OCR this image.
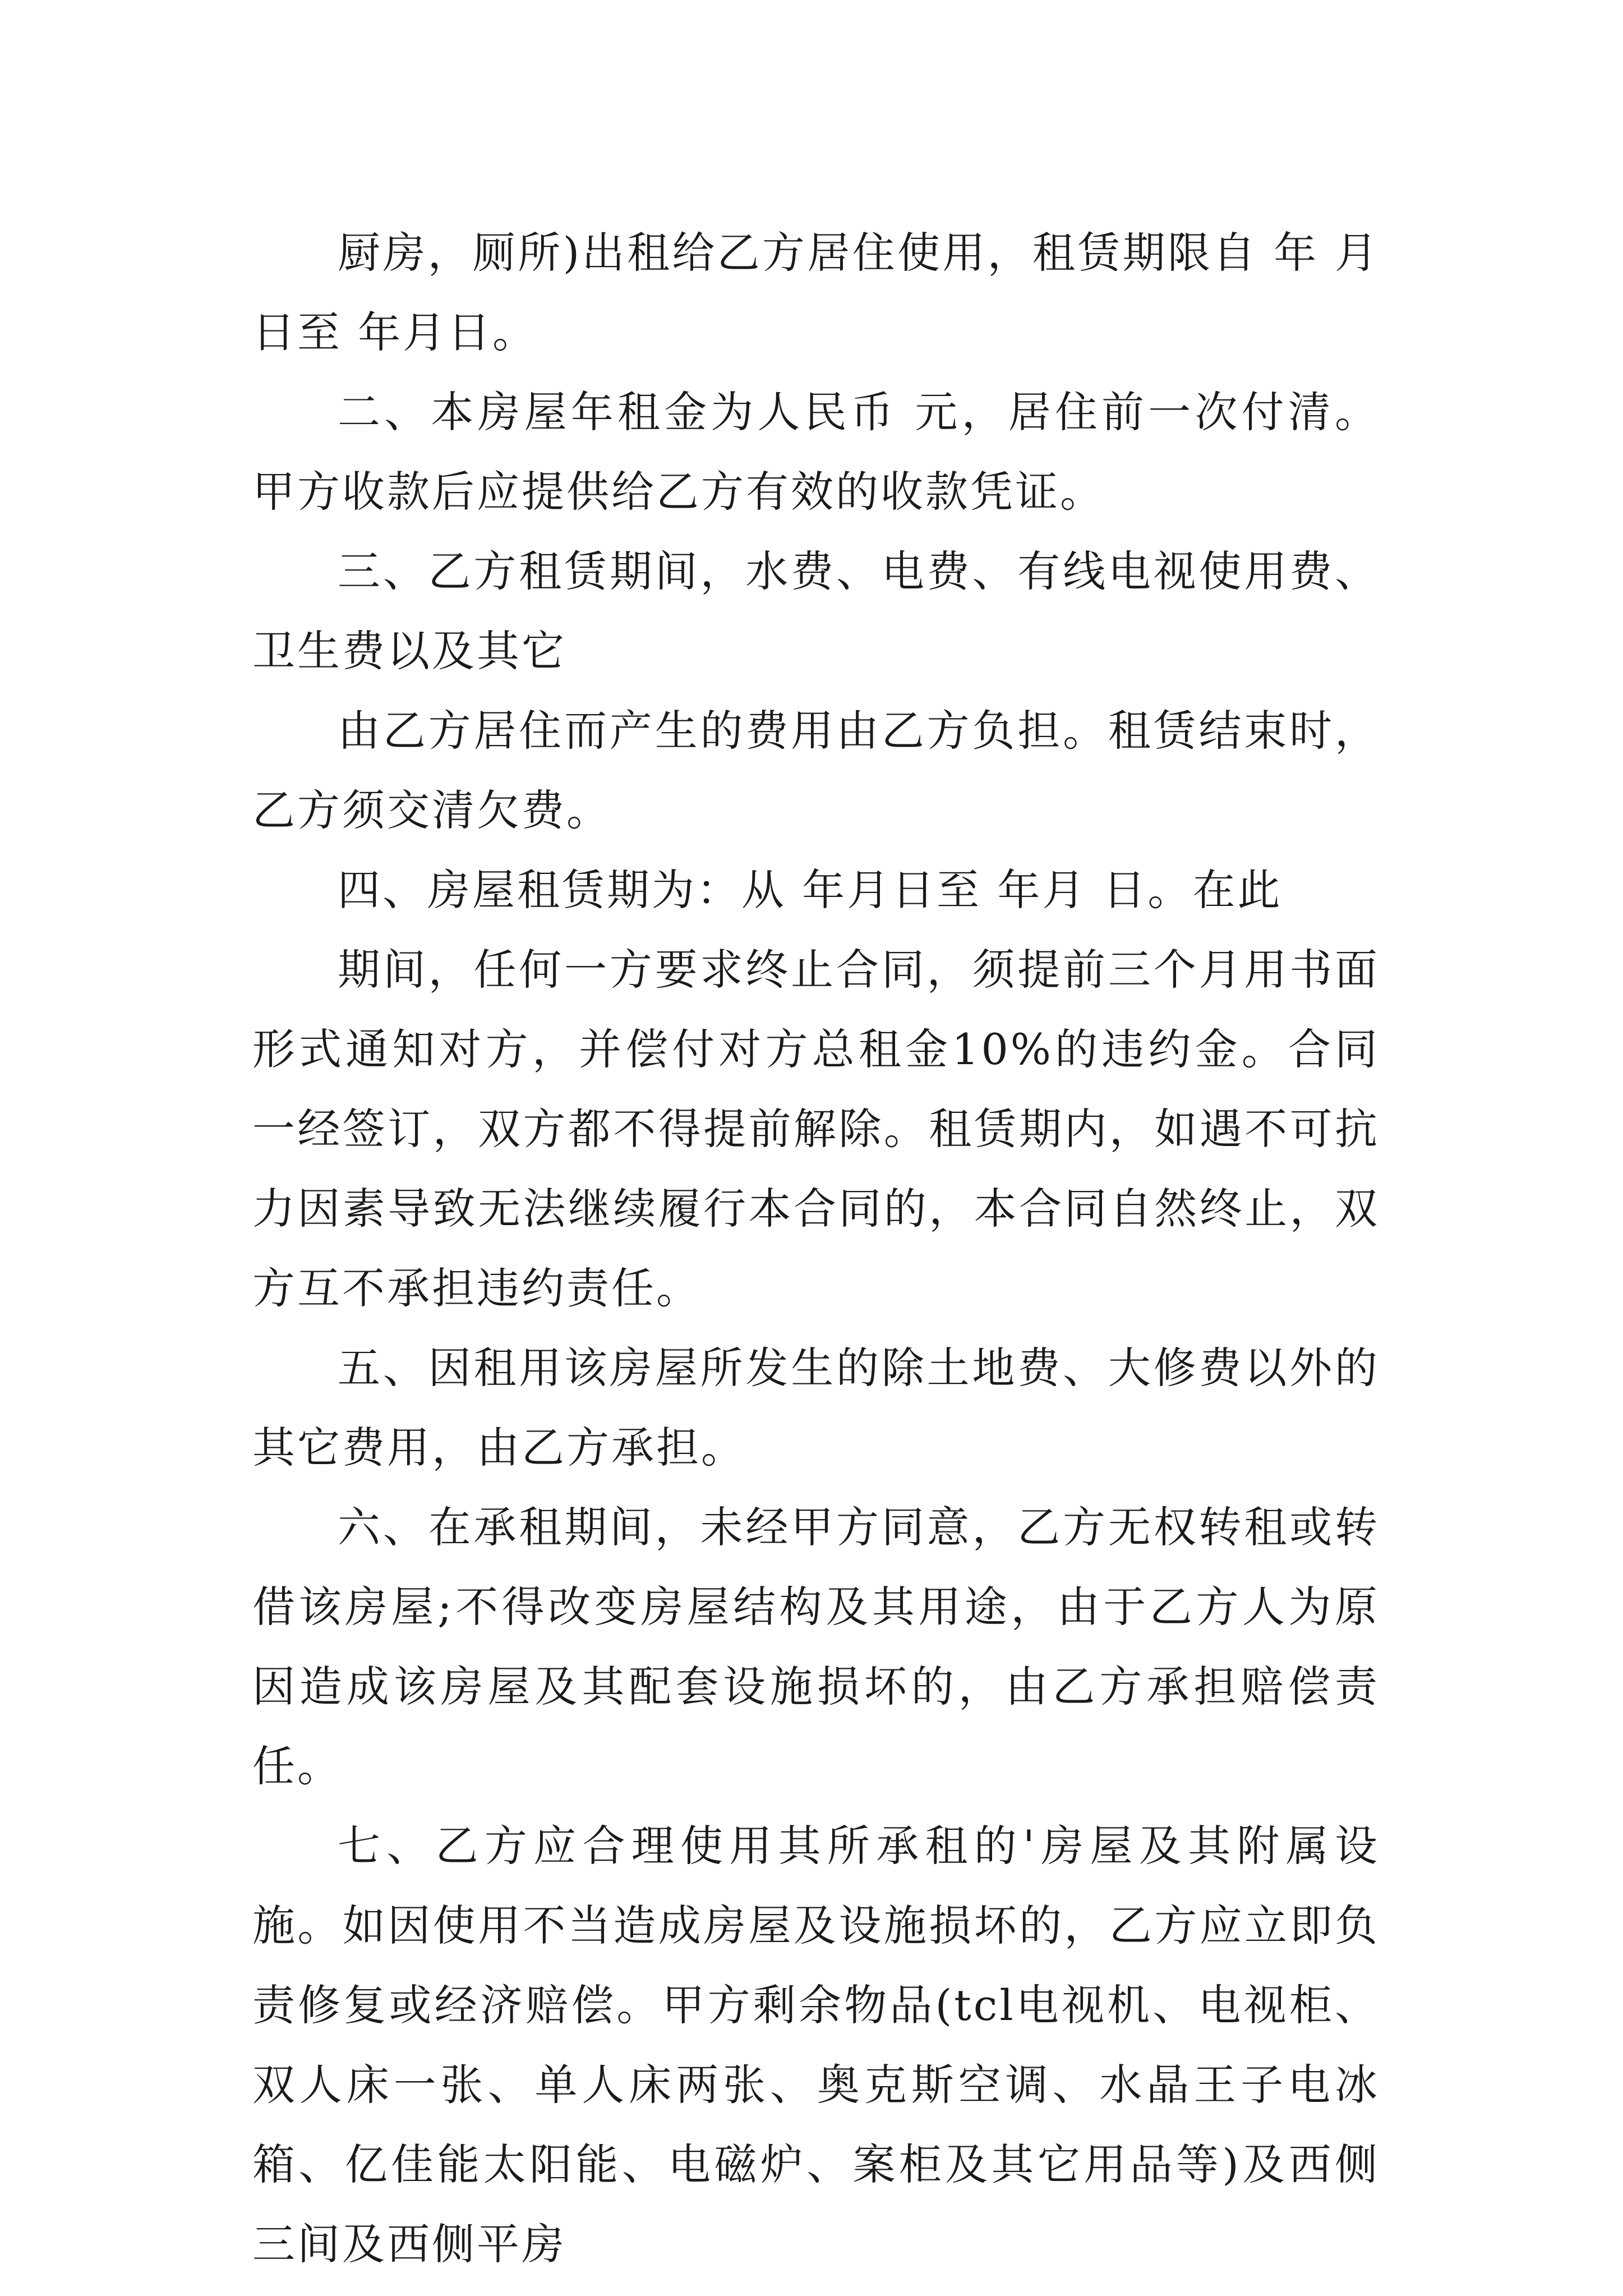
厨房，厕所)出租给乙方居住使用，租赁期限自 年 月日至 年月日。

二、本房屋年租金为人民币 元，居住前一次付清。甲方收款后应提供给乙方有效的收款凭证。

三、乙方租赁期间，水费、电费、有线电视使用费、卫生费以及其它

由乙方居住而产生的费用由乙方负担。租赁结束时，乙方须交清欠费。

四、房屋租赁期为：从 年月日至 年月 日。在此

期间，任何一方要求终止合同，须提前三个月用书面形式通知对方，并偿付对方总租金10%的违约金。合同一经签订，双方都不得提前解除。租赁期内，如遇不可抗力因素导致无法继续履行本合同的，本合同自然终止，双方互不承担违约责任。

五、因租用该房屋所发生的除土地费、大修费以外的其它费用，由乙方承担。

六、在承租期间，未经甲方同意，乙方无权转租或转借该房屋;不得改变房屋结构及其用途，由于乙方人为原因造成该房屋及其配套设施损坏的，由乙方承担赔偿责任。

七、乙方应合理使用其所承租的'房屋及其附属设施。如因使用不当造成房屋及设施损坏的，乙方应立即负责修复或经济赔偿。甲方剩余物品(tcl电视机、电视柜、双人床一张、单人床两张、奥克斯空调、水晶王子电冰箱、亿佳能太阳能、电磁炉、案柜及其它用品等)及西侧三间及西侧平房
